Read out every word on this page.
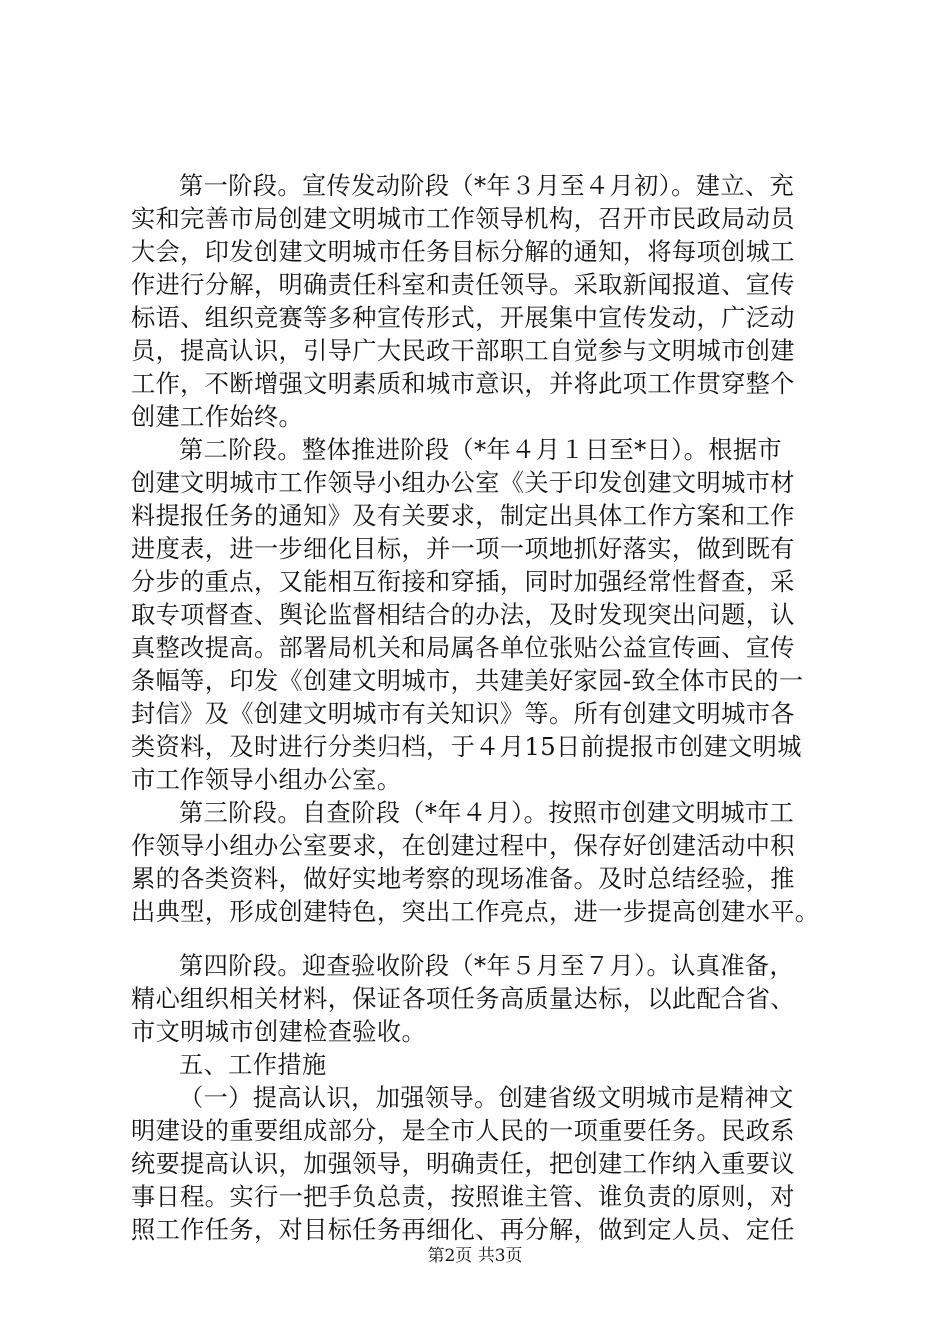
第一阶段。宣传发动阶段（*年３月至４月初）。建立、充
实和完善市局创建文明城市工作领导机构，召开市民政局动员
大会，印发创建文明城市任务目标分解的通知，将每项创城工
作进行分解，明确责任科室和责任领导。采取新闻报道、宣传
标语、组织竞赛等多种宣传形式，开展集中宣传发动，广泛动
员，提高认识，引导广大民政干部职工自觉参与文明城市创建
工作，不断增强文明素质和城市意识，并将此项工作贯穿整个
创建工作始终。
第二阶段。整体推进阶段（*年４月１日至*日）。根据市
创建文明城市工作领导小组办公室《关于印发创建文明城市材
料提报任务的通知》及有关要求，制定出具体工作方案和工作
进度表，进一步细化目标，并一项一项地抓好落实，做到既有
分步的重点，又能相互衔接和穿插，同时加强经常性督查，采
取专项督查、舆论监督相结合的办法，及时发现突出问题，认
真整改提高。部署局机关和局属各单位张贴公益宣传画、宣传
条幅等，印发《创建文明城市，共建美好家园-致全体市民的一
封信》及《创建文明城市有关知识》等。所有创建文明城市各
类资料，及时进行分类归档，于４月15日前提报市创建文明城
市工作领导小组办公室。
第三阶段。自查阶段（*年４月）。按照市创建文明城市工
作领导小组办公室要求，在创建过程中，保存好创建活动中积
累的各类资料，做好实地考察的现场准备。及时总结经验，推
出典型，形成创建特色，突出工作亮点，进一步提高创建水平。
第四阶段。迎查验收阶段（*年５月至７月）。认真准备，
精心组织相关材料，保证各项任务高质量达标，以此配合省、
市文明城市创建检查验收。
五、工作措施
（一）提高认识，加强领导。创建省级文明城市是精神文
明建设的重要组成部分，是全市人民的一项重要任务。民政系
统要提高认识，加强领导，明确责任，把创建工作纳入重要议
事日程。实行一把手负总责，按照谁主管、谁负责的原则，对
照工作任务，对目标任务再细化、再分解，做到定人员、定任
第2页 共3页
